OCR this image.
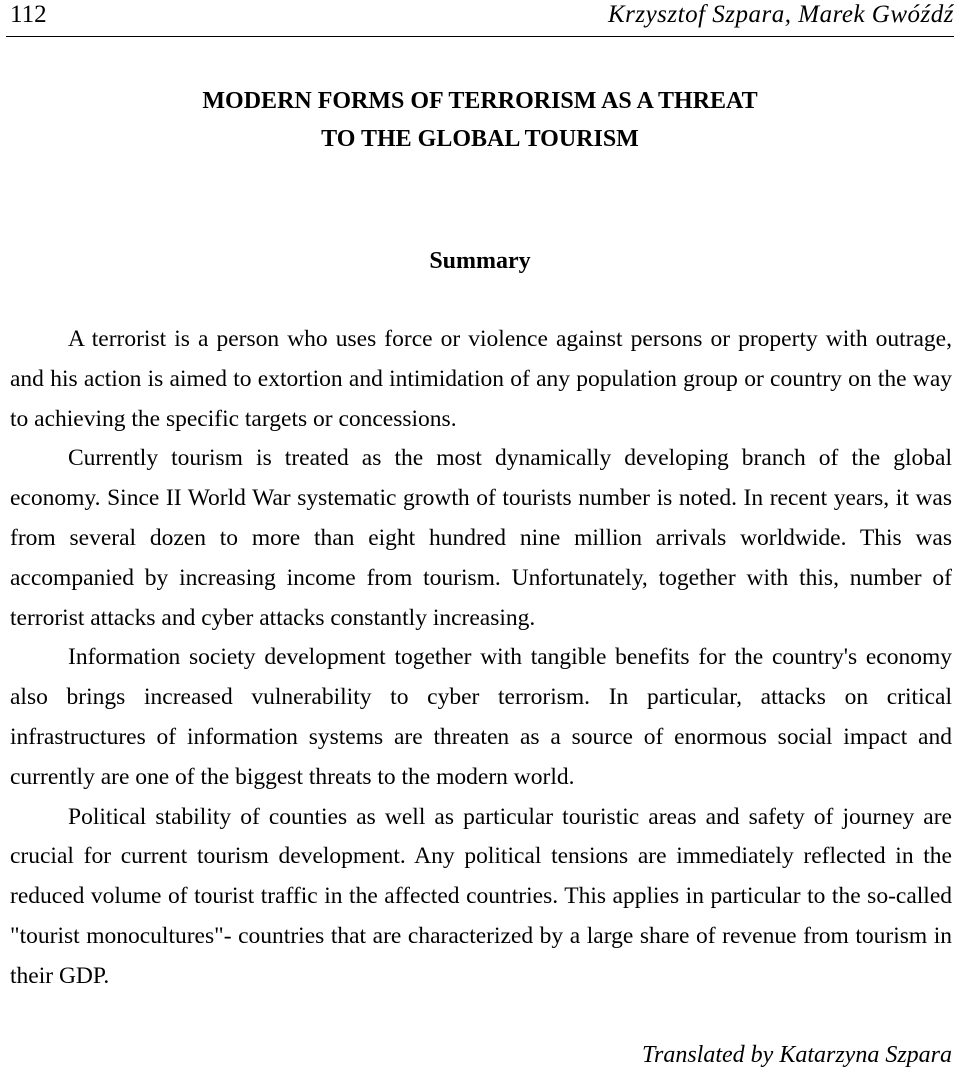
112	Krzysztof Szpara, Marek Gwóźdź
MODERN FORMS OF TERRORISM AS A THREAT
TO THE GLOBAL TOURISM
Summary

A terrorist is a person who uses force or violence against persons or property with outrage, and his action is aimed to extortion and intimidation of any population group or country on the way to achieving the specific targets or concessions.

Currently tourism is treated as the most dynamically developing branch of the global economy. Since II World War systematic growth of tourists number is noted. In recent years, it was from several dozen to more than eight hundred nine million arrivals worldwide. This was accompanied by increasing income from tourism. Unfortunately, together with this, number of terrorist attacks and cyber attacks constantly increasing.

Information society development together with tangible benefits for the country's economy also brings increased vulnerability to cyber terrorism. In particular, attacks on critical infrastructures of information systems are threaten as a source of enormous social impact and currently are one of the biggest threats to the modern world.

Political stability of counties as well as particular touristic areas and safety of journey are crucial for current tourism development. Any political tensions are immediately reflected in the reduced volume of tourist traffic in the affected countries. This applies in particular to the so-called "tourist monocultures"- countries that are characterized by a large share of revenue from tourism in their GDP.

Translated by Katarzyna Szpara
